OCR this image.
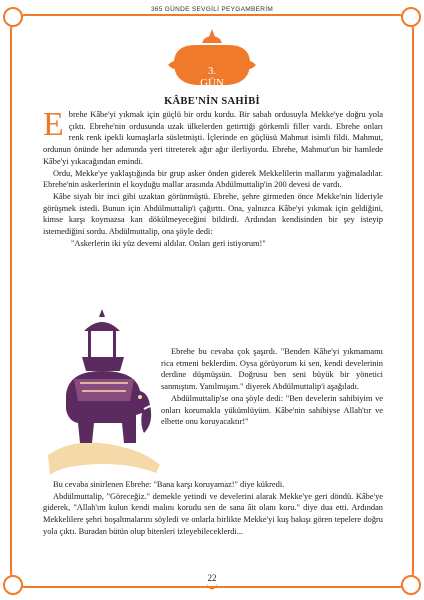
365 GÜNDE SEVGİLİ PEYGAMBERİM
3.
GÜN
KÂBE'NİN SAHİBİ

Ebrehe Kâbe'yi yıkmak için güçlü bir ordu kurdu. Bir sabah ordusuyla Mekke'ye doğru yola çıktı. Ebrehe'nin ordusunda uzak ülkelerden getirttiği görkemli filler vardı. Ebrehe onları renk renk ipekli kumaşlarla süsletmişti. İçlerinde en güçlüsü Mahmut isimli fildi. Mahmut, ordunun önünde her adımında yeri titreterek ağır ağır ilerliyordu. Ebrehe, Mahmut'un bir hamlede Kâbe'yi yıkacağından emindi.

Ordu, Mekke'ye yaklaştığında bir grup asker önden giderek Mekkelilerin mallarını yağmaladılar. Ebrehe'nin askerlerinin el koyduğu mallar arasında Abdülmuttalip'in 200 devesi de vardı.

Kâbe siyah bir inci gibi uzaktan görünmüştü. Ebrehe, şehre girmeden önce Mekke'nin lideriyle görüşmek istedi. Bunun için Abdülmuttalip'i çağırttı. Ona, yalnızca Kâbe'yi yıkmak için geldiğini, kimse karşı koymazsa kan dökülmeyeceğini bildirdi. Ardından kendisinden bir şey isteyip istemediğini sordu. Abdülmuttalip, ona şöyle dedi:

"Askerlerin iki yüz devemi aldılar. Onları geri istiyorum!"

Ebrehe bu cevaba çok şaşırdı. "Benden Kâbe'yi yıkmamamı rica etmeni beklerdim. Oysa görüyorum ki sen, kendi develerinin derdine düşmüşsün. Doğrusu ben seni büyük bir yönetici sanmıştım. Yanılmışım." diyerek Abdülmuttalip'i aşağıladı.

Abdülmuttalip'se ona şöyle dedi: "Ben develerin sahibiyim ve onları korumakla yükümlüyüm. Kâbe'nin sahibiyse Allah'tır ve elbette onu koruyacaktır!"

Bu cevaba sinirlenen Ebrehe: "Bana karşı koruyamaz!" diye kükredi.

Abdülmuttalip, "Göreceğiz." demekle yetindi ve develerini alarak Mekke'ye geri döndü. Kâbe'ye giderek, "Allah'ım kulun kendi malını korudu sen de sana âit olanı koru." diye dua etti. Ardından Mekkelilere şehri boşaltmalarını söyledi ve onlarla birlikte Mekke'yi kuş bakışı gören tepelere doğru yola çıktı. Buradan bütün olup bitenleri izleyebileceklerdi...

22
